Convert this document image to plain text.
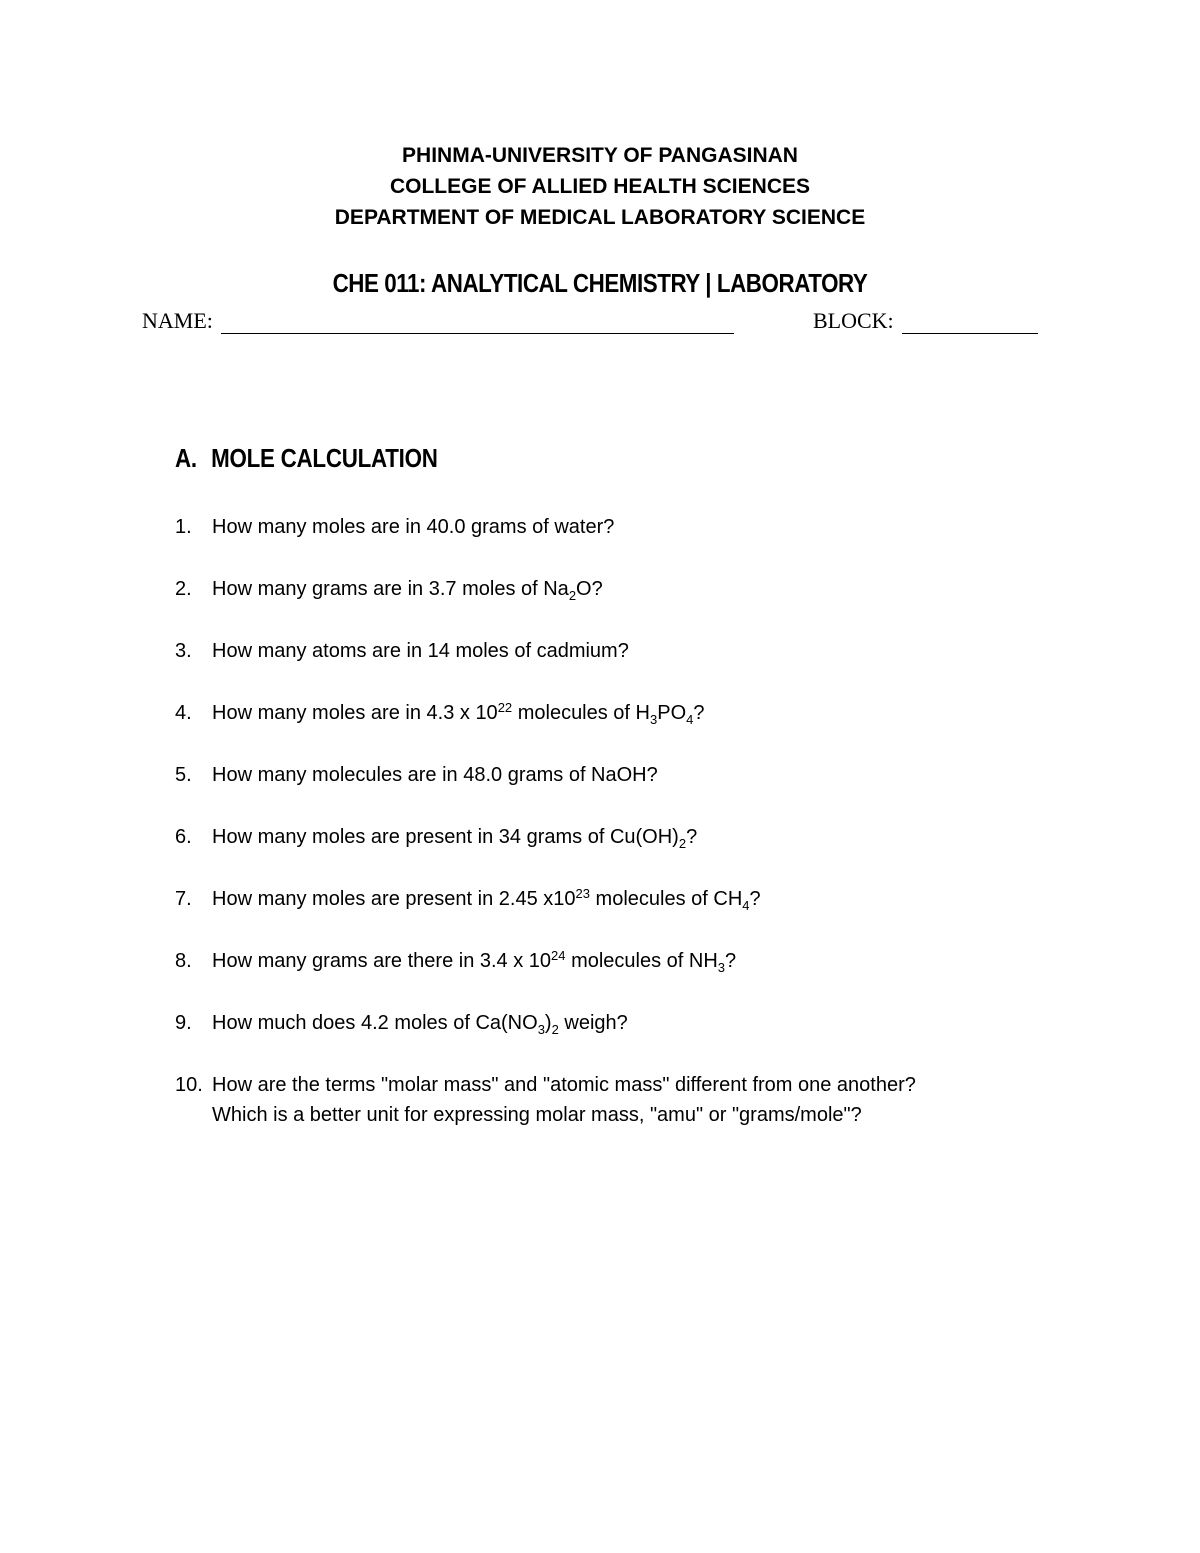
PHINMA-UNIVERSITY OF PANGASINAN
COLLEGE OF ALLIED HEALTH SCIENCES
DEPARTMENT OF MEDICAL LABORATORY SCIENCE
CHE 011: ANALYTICAL CHEMISTRY | LABORATORY
NAME:	BLOCK:
A. MOLE CALCULATION
1. How many moles are in 40.0 grams of water?
2. How many grams are in 3.7 moles of $Na_2O$?
3. How many atoms are in 14 moles of cadmium?
4. How many moles are in 4.3 x $10^{22}$ molecules of $H_3PO_4$?
5. How many molecules are in 48.0 grams of NaOH?
6. How many moles are present in 34 grams of $Cu(OH)_2$?
7. How many moles are present in 2.45 $x10^{23}$ molecules of $CH_4$?
8. How many grams are there in 3.4 x $10^{24}$ molecules of $NH_3$?
9. How much does 4.2 moles of $Ca(NO_3)_2$ weigh?
10. How are the terms "molar mass" and "atomic mass" different from one another?
Which is a better unit for expressing molar mass, "amu" or "grams/mole"?
